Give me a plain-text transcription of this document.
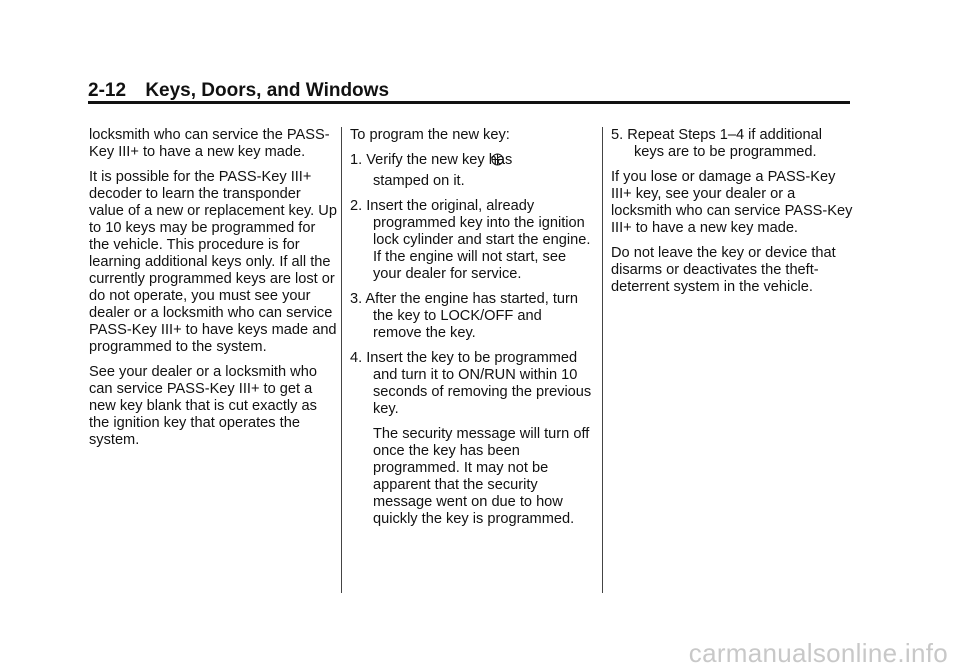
2-12 Keys, Doors, and Windows

locksmith who can service the PASS-Key III+ to have a new key made.

It is possible for the PASS-Key III+ decoder to learn the transponder value of a new or replacement key. Up to 10 keys may be programmed for the vehicle. This procedure is for learning additional keys only. If all the currently programmed keys are lost or do not operate, you must see your dealer or a locksmith who can service PASS-Key III+ to have keys made and programmed to the system.

See your dealer or a locksmith who can service PASS-Key III+ to get a new key blank that is cut exactly as the ignition key that operates the system.

To program the new key:

1. Verify the new key has
stamped on it.
2. Insert the original, already programmed key into the ignition lock cylinder and start the engine. If the engine will not start, see your dealer for service.
3. After the engine has started, turn the key to LOCK/OFF and remove the key.
4. Insert the key to be programmed and turn it to ON/RUN within 10 seconds of removing the previous key.
The security message will turn off once the key has been programmed. It may not be apparent that the security message went on due to how quickly the key is programmed.
5. Repeat Steps 1–4 if additional keys are to be programmed.

If you lose or damage a PASS-Key III+ key, see your dealer or a locksmith who can service PASS-Key III+ to have a new key made.

Do not leave the key or device that disarms or deactivates the theft-deterrent system in the vehicle.

carmanualsonline.info
